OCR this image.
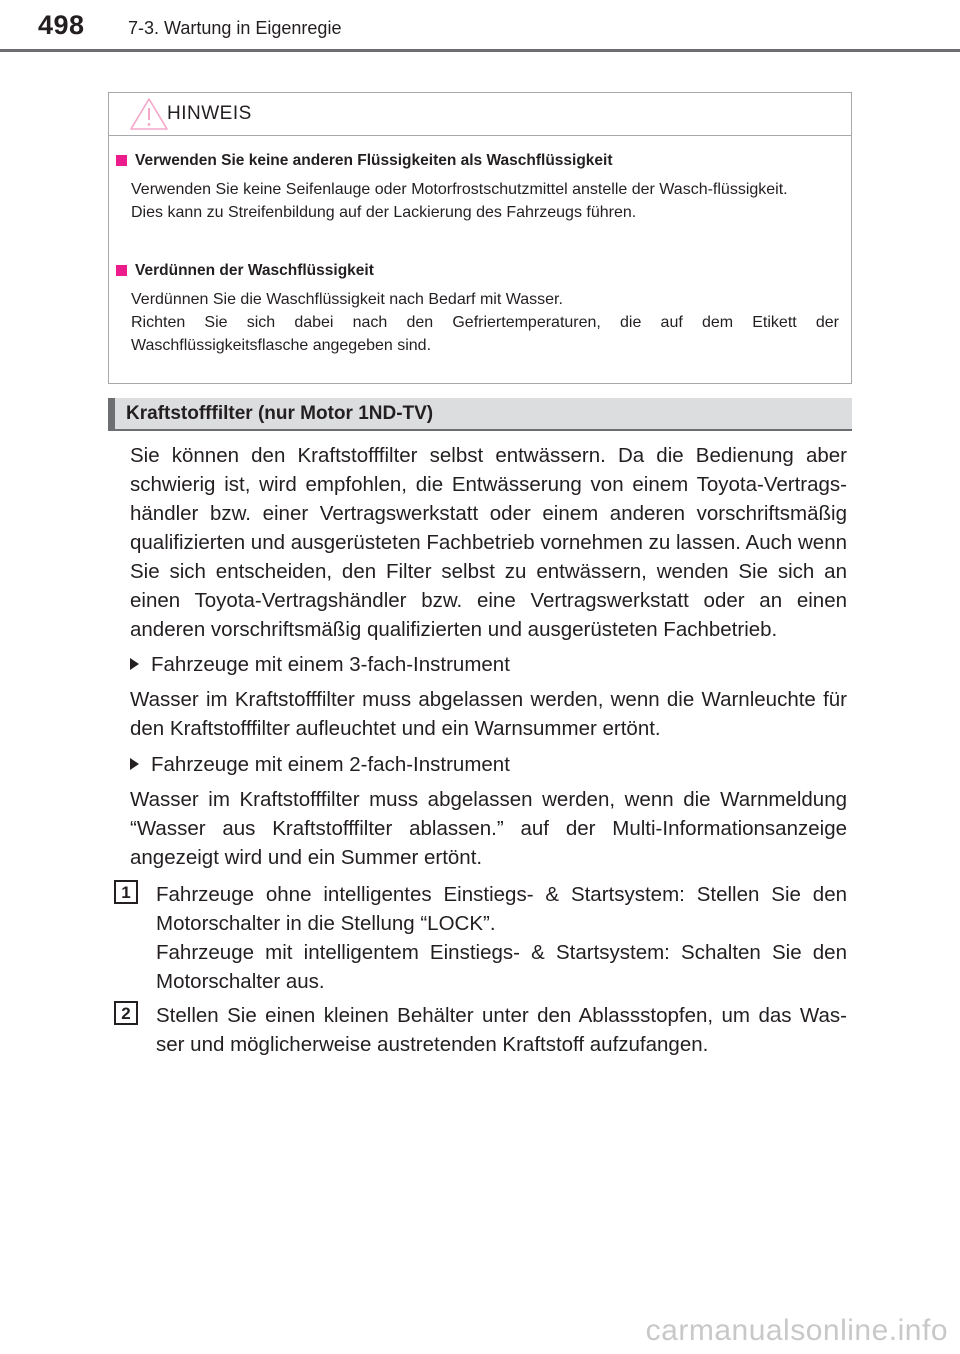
498 7-3. Wartung in Eigenregie
HINWEIS
Verwenden Sie keine anderen Flüssigkeiten als Waschflüssigkeit

Verwenden Sie keine Seifenlauge oder Motorfrostschutzmittel anstelle der Wasch-flüssigkeit.

Dies kann zu Streifenbildung auf der Lackierung des Fahrzeugs führen.

Verdünnen der Waschflüssigkeit

Verdünnen Sie die Waschflüssigkeit nach Bedarf mit Wasser.

Richten Sie sich dabei nach den Gefriertemperaturen, die auf dem Etikett der Waschflüssigkeitsflasche angegeben sind.

Kraftstofffilter (nur Motor 1ND-TV)

Sie können den Kraftstofffilter selbst entwässern. Da die Bedienung aber schwierig ist, wird empfohlen, die Entwässerung von einem Toyota-Vertrags-händler bzw. einer Vertragswerkstatt oder einem anderen vorschriftsmäßig qualifizierten und ausgerüsteten Fachbetrieb vornehmen zu lassen. Auch wenn Sie sich entscheiden, den Filter selbst zu entwässern, wenden Sie sich an einen Toyota-Vertragshändler bzw. eine Vertragswerkstatt oder an einen anderen vorschriftsmäßig qualifizierten und ausgerüsteten Fachbetrieb.

Fahrzeuge mit einem 3-fach-Instrument

Wasser im Kraftstofffilter muss abgelassen werden, wenn die Warnleuchte für den Kraftstofffilter aufleuchtet und ein Warnsummer ertönt.

Fahrzeuge mit einem 2-fach-Instrument

Wasser im Kraftstofffilter muss abgelassen werden, wenn die Warnmeldung “Wasser aus Kraftstofffilter ablassen.” auf der Multi-Informationsanzeige angezeigt wird und ein Summer ertönt.

1	Fahrzeuge ohne intelligentes Einstiegs- & Startsystem: Stellen Sie den Motorschalter in die Stellung “LOCK”.

Fahrzeuge mit intelligentem Einstiegs- & Startsystem: Schalten Sie den Motorschalter aus.

2	Stellen Sie einen kleinen Behälter unter den Ablassstopfen, um das Was-ser und möglicherweise austretenden Kraftstoff aufzufangen.

carmanualsonline.info
